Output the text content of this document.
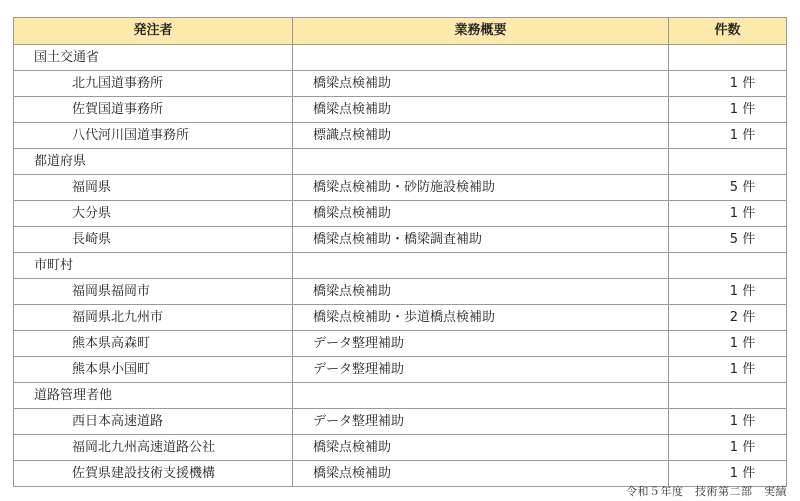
発注者	業務概要	件数
国土交通省		
北九国道事務所	橋梁点検補助	1 件
佐賀国道事務所	橋梁点検補助	1 件
八代河川国道事務所	標識点検補助	1 件
都道府県		
福岡県	橋梁点検補助・砂防施設検補助	5 件
大分県	橋梁点検補助	1 件
長崎県	橋梁点検補助・橋梁調査補助	5 件
市町村		
福岡県福岡市	橋梁点検補助	1 件
福岡県北九州市	橋梁点検補助・歩道橋点検補助	2 件
熊本県高森町	データ整理補助	1 件
熊本県小国町	データ整理補助	1 件
道路管理者他		
西日本高速道路	データ整理補助	1 件
福岡北九州高速道路公社	橋梁点検補助	1 件
佐賀県建設技術支援機構	橋梁点検補助	1 件
令和５年度　技術第二部　実績
